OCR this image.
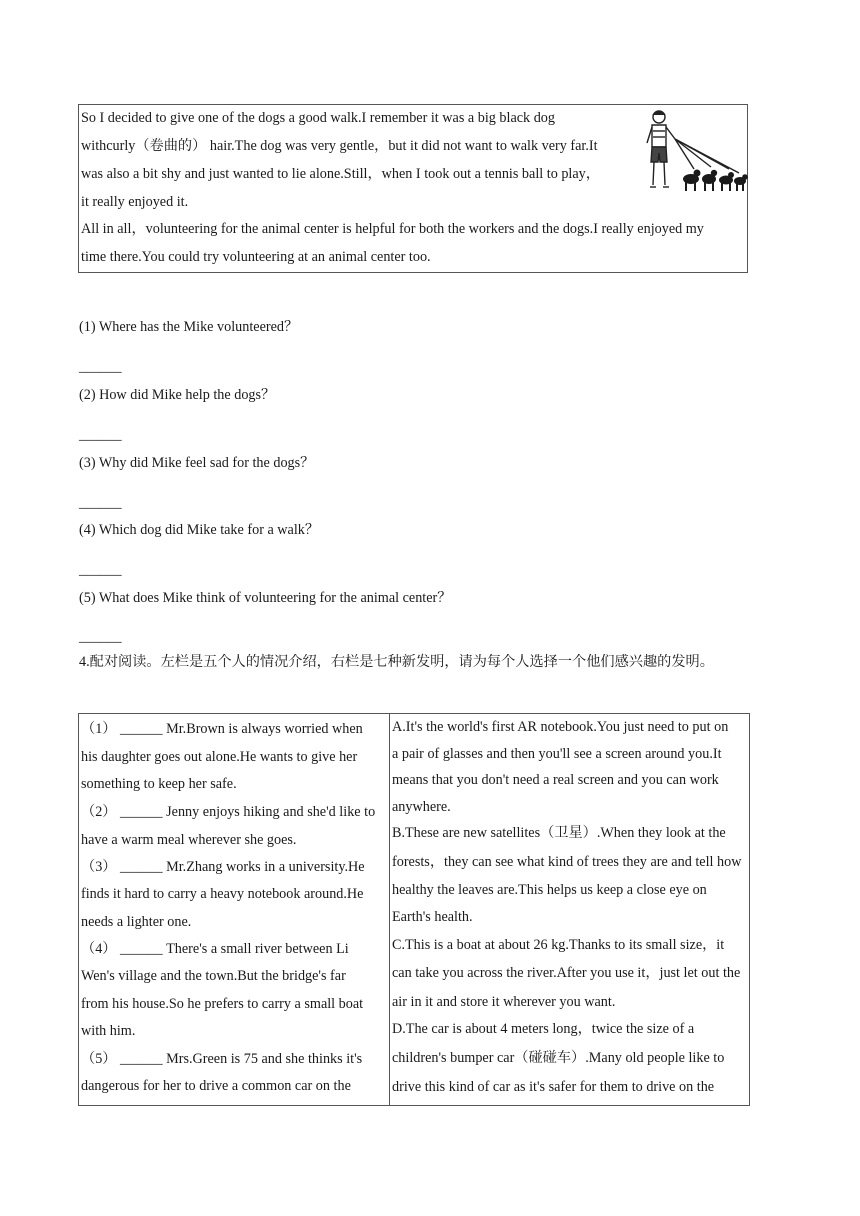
So I decided to give one of the dogs a good walk.I remember it was a big black dog
withcurly（卷曲的） hair.The dog was very gentle，but it did not want to walk very far.It
was also a bit shy and just wanted to lie alone.Still，when I took out a tennis ball to play，
it really enjoyed it.
All in all，volunteering for the animal center is helpful for both the workers and the dogs.I really enjoyed my
time there.You could try volunteering at an animal center too.
(1) Where has the Mike volunteered？
______
(2) How did Mike help the dogs？
______
(3) Why did Mike feel sad for the dogs？
______
(4) Which dog did Mike take for a walk？
______
(5) What does Mike think of volunteering for the animal center？
______
4.配对阅读。左栏是五个人的情况介绍，右栏是七种新发明，请为每个人选择一个他们感兴趣的发明。
（1） ______ Mr.Brown is always worried when
his daughter goes out alone.He wants to give her
something to keep her safe.
（2） ______ Jenny enjoys hiking and she'd like to
have a warm meal wherever she goes.
（3） ______ Mr.Zhang works in a university.He
finds it hard to carry a heavy notebook around.He
needs a lighter one.
（4） ______ There's a small river between Li
Wen's village and the town.But the bridge's far
from his house.So he prefers to carry a small boat
with him.
（5） ______ Mrs.Green is 75 and she thinks it's
dangerous for her to drive a common car on the
A.It's the world's first AR notebook.You just need to put on
a pair of glasses and then you'll see a screen around you.It
means that you don't need a real screen and you can work
anywhere.
B.These are new satellites（卫星）.When they look at the
forests，they can see what kind of trees they are and tell how
healthy the leaves are.This helps us keep a close eye on
Earth's health.
C.This is a boat at about 26 kg.Thanks to its small size，it
can take you across the river.After you use it，just let out the
air in it and store it wherever you want.
D.The car is about 4 meters long，twice the size of a
children's bumper car（碰碰车）.Many old people like to
drive this kind of car as it's safer for them to drive on the
